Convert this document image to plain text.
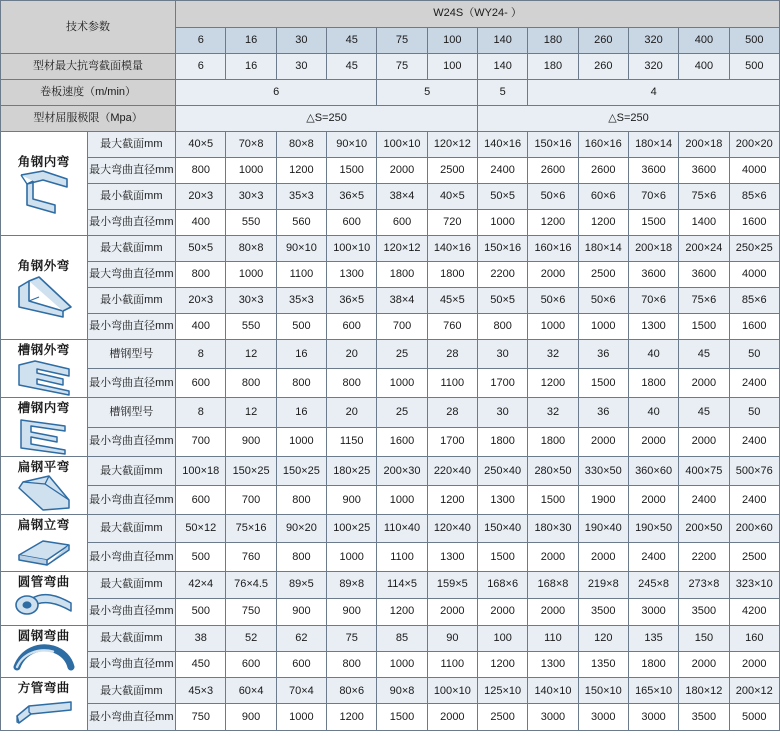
技术参数		W24S（WY24- ）											
		6	16	30	45	75	100	140	180	260	320	400	500
型材最大抗弯截面模量		6	16	30	45	75	100	140	180	260	320	400	500
卷板速度（m/min）		6				5		5	4				
型材屈服极限（Mpa）		△S=250						△S=250					

角钢内弯	最大截面mm	40×5	70×8	80×8	90×10	100×10	120×12	140×16	150×16	160×16	180×14	200×18	200×20
	最大弯曲直径mm	800	1000	1200	1500	2000	2500	2400	2600	2600	3600	3600	4000
	最小截面mm	20×3	30×3	35×3	36×5	38×4	40×5	50×5	50×6	60×6	70×6	75×6	85×6
	最小弯曲直径mm	400	550	560	600	600	720	1000	1200	1200	1500	1400	1600

角钢外弯	最大截面mm	50×5	80×8	90×10	100×10	120×12	140×16	150×16	160×16	180×14	200×18	200×24	250×25
	最大弯曲直径mm	800	1000	1100	1300	1800	1800	2200	2000	2500	3600	3600	4000
	最小截面mm	20×3	30×3	35×3	36×5	38×4	45×5	50×5	50×6	50×6	70×6	75×6	85×6
	最小弯曲直径mm	400	550	500	600	700	760	800	1000	1000	1300	1500	1600

槽钢外弯	槽钢型号	8	12	16	20	25	28	30	32	36	40	45	50
	最小弯曲直径mm	600	800	800	800	1000	1100	1700	1200	1500	1800	2000	2400

槽钢内弯	槽钢型号	8	12	16	20	25	28	30	32	36	40	45	50
	最小弯曲直径mm	700	900	1000	1150	1600	1700	1800	1800	2000	2000	2000	2400

扁钢平弯	最大截面mm	100×18	150×25	150×25	180×25	200×30	220×40	250×40	280×50	330×50	360×60	400×75	500×76
	最小弯曲直径mm	600	700	800	900	1000	1200	1300	1500	1900	2000	2400	2400

扁钢立弯	最大截面mm	50×12	75×16	90×20	100×25	110×40	120×40	150×40	180×30	190×40	190×50	200×50	200×60
	最小弯曲直径mm	500	760	800	1000	1100	1300	1500	2000	2000	2400	2200	2500

圆管弯曲	最大截面mm	42×4	76×4.5	89×5	89×8	114×5	159×5	168×6	168×8	219×8	245×8	273×8	323×10
	最小弯曲直径mm	500	750	900	900	1200	2000	2000	2000	3500	3000	3500	4200

圆钢弯曲	最大截面mm	38	52	62	75	85	90	100	110	120	135	150	160
	最小弯曲直径mm	450	600	600	800	1000	1100	1200	1300	1350	1800	2000	2000

方管弯曲	最大截面mm	45×3	60×4	70×4	80×6	90×8	100×10	125×10	140×10	150×10	165×10	180×12	200×12
	最小弯曲直径mm	750	900	1000	1200	1500	2000	2500	3000	3000	3000	3500	5000
